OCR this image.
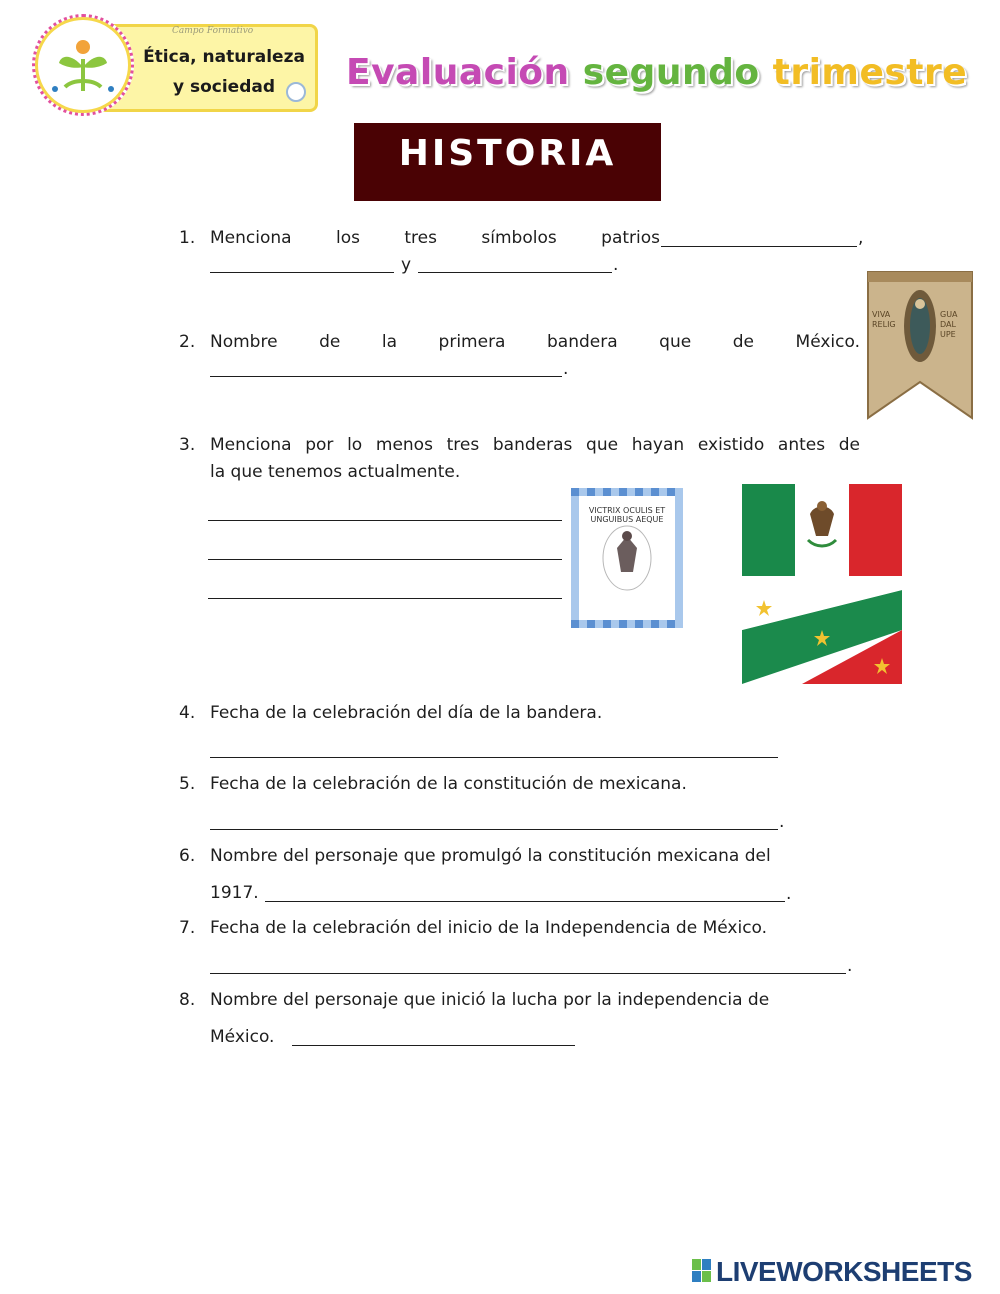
Campo Formativo
Ética, naturaleza y sociedad	Evaluación segundo trimestre
HISTORIA
1. Menciona los tres símbolos patrios	,
y	.
2. Nombre de la primera bandera que de México.
.
VIVA RELIG
GUA DAL UPE
3. Menciona por lo menos tres banderas que hayan existido antes de
la que tenemos actualmente.
VICTRIX OCULIS ET UNGUIBUS AEQUE
4. Fecha de la celebración del día de la bandera.
5. Fecha de la celebración de la constitución de mexicana.
.
6. Nombre del personaje que promulgó la constitución mexicana del
1917.	.
7. Fecha de la celebración del inicio de la Independencia de México.
.
8. Nombre del personaje que inició la lucha por la independencia de
México.
LIVEWORKSHEETS
